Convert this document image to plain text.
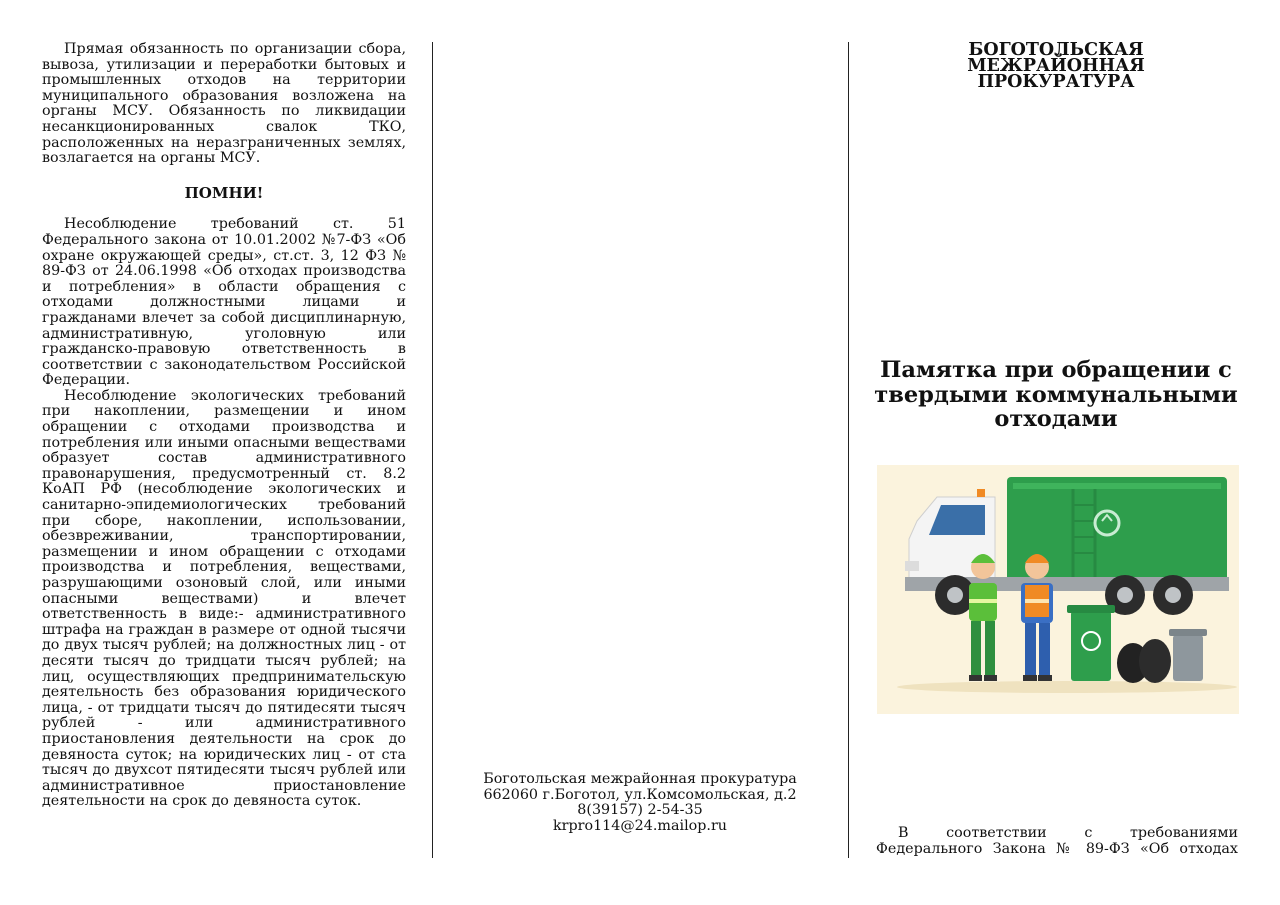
Прямая обязанность по организации сбора, вывоза, утилизации и переработки бытовых и промышленных отходов на территории муниципального образования возложена на органы МСУ. Обязанность по ликвидации несанкционированных свалок ТКО, расположенных на неразграниченных землях, возлагается на органы МСУ.

ПОМНИ!

Несоблюдение требований ст. 51 Федерального закона от 10.01.2002 №7-ФЗ «Об охране окружающей среды», ст.ст. 3, 12 ФЗ № 89-ФЗ от 24.06.1998 «Об отходах производства и потребления» в области обращения с отходами должностными лицами и гражданами влечет за собой дисциплинарную, административную, уголовную или гражданско-правовую ответственность в соответствии с законодательством Российской Федерации.

Несоблюдение экологических требований при накоплении, размещении и ином обращении с отходами производства и потребления или иными опасными веществами образует состав административного правонарушения, предусмотренный ст. 8.2 КоАП РФ (несоблюдение экологических и санитарно-эпидемиологических требований при сборе, накоплении, использовании, обезвреживании, транспортировании, размещении и ином обращении с отходами производства и потребления, веществами, разрушающими озоновый слой, или иными опасными веществами) и влечет ответственность в виде:- административного штрафа на граждан в размере от одной тысячи до двух тысяч рублей; на должностных лиц - от десяти тысяч до тридцати тысяч рублей; на лиц, осуществляющих предпринимательскую деятельность без образования юридического лица, - от тридцати тысяч до пятидесяти тысяч рублей - или административного приостановления деятельности на срок до девяноста суток; на юридических лиц - от ста тысяч до двухсот пятидесяти тысяч рублей или административное приостановление деятельности на срок до девяноста суток.

Боготольская межрайонная прокуратура
662060 г.Боготол, ул.Комсомольская, д.2
8(39157) 2-54-35
krpro114@24.mailop.ru
БОГОТОЛЬСКАЯ
МЕЖРАЙОННАЯ
ПРОКУРАТУРА
Памятка при обращении с
твердыми коммунальными
отходами
В соответствии с требованиями
Федерального Закона № 89-ФЗ «Об отходах
